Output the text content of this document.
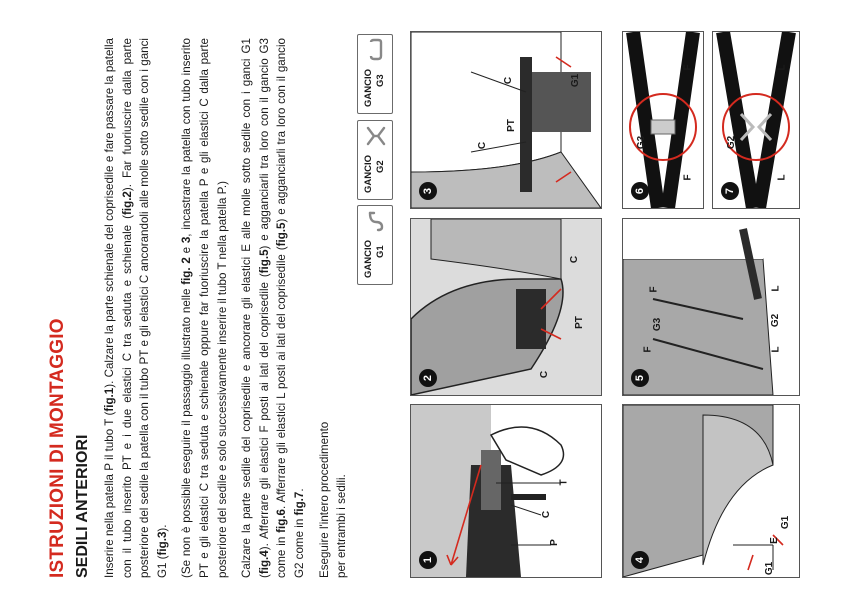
ISTRUZIONI DI MONTAGGIO SEDILI ANTERIORI Inserire nella patella P il tubo T (fig.1). Calzare la parte schienale del coprisedile e fare passare la patella con il tubo inserito PT e i due elastici C tra seduta e schienale (fig.2). Far fuoriuscire dalla parte posteriore del sedile la patella con il tubo PT e gli elastici C ancorandoli alle molle sotto sedile con i ganci G1 (fig.3). (Se non è possibile eseguire il passaggio illustrato nelle fig. 2 e 3, incastrare la patella con tubo inserito PT e gli elastici C tra seduta e schienale oppure far fuoriuscire la patella P e gli elastici C dalla parte posteriore del sedile e solo successivamente inserire il tubo T nella patella P.) Calzare la parte sedile del coprisedile e ancorare gli elastici E alle molle sotto sedile con i ganci G1 (fig.4). Afferrare gli elastici F posti ai lati del coprisedile (fig.5) e agganciarli tra loro con il gancio G3 come in fig.6. Afferrare gli elastici L posti ai lati del coprisedile (fig.5) e agganciarli tra loro con il gancio G2 come in fig.7. Eseguire l'intero procedimento per entrambi i sedili.

GANCIO G1
GANCIO G2
GANCIO G3
1
P
C
T
2	C
C
PT
3
C
PT
C	G1
4
G1
E
G1
5
F
G3
F
L
G2
L
6
G3
F
F
7
G2
L
L
